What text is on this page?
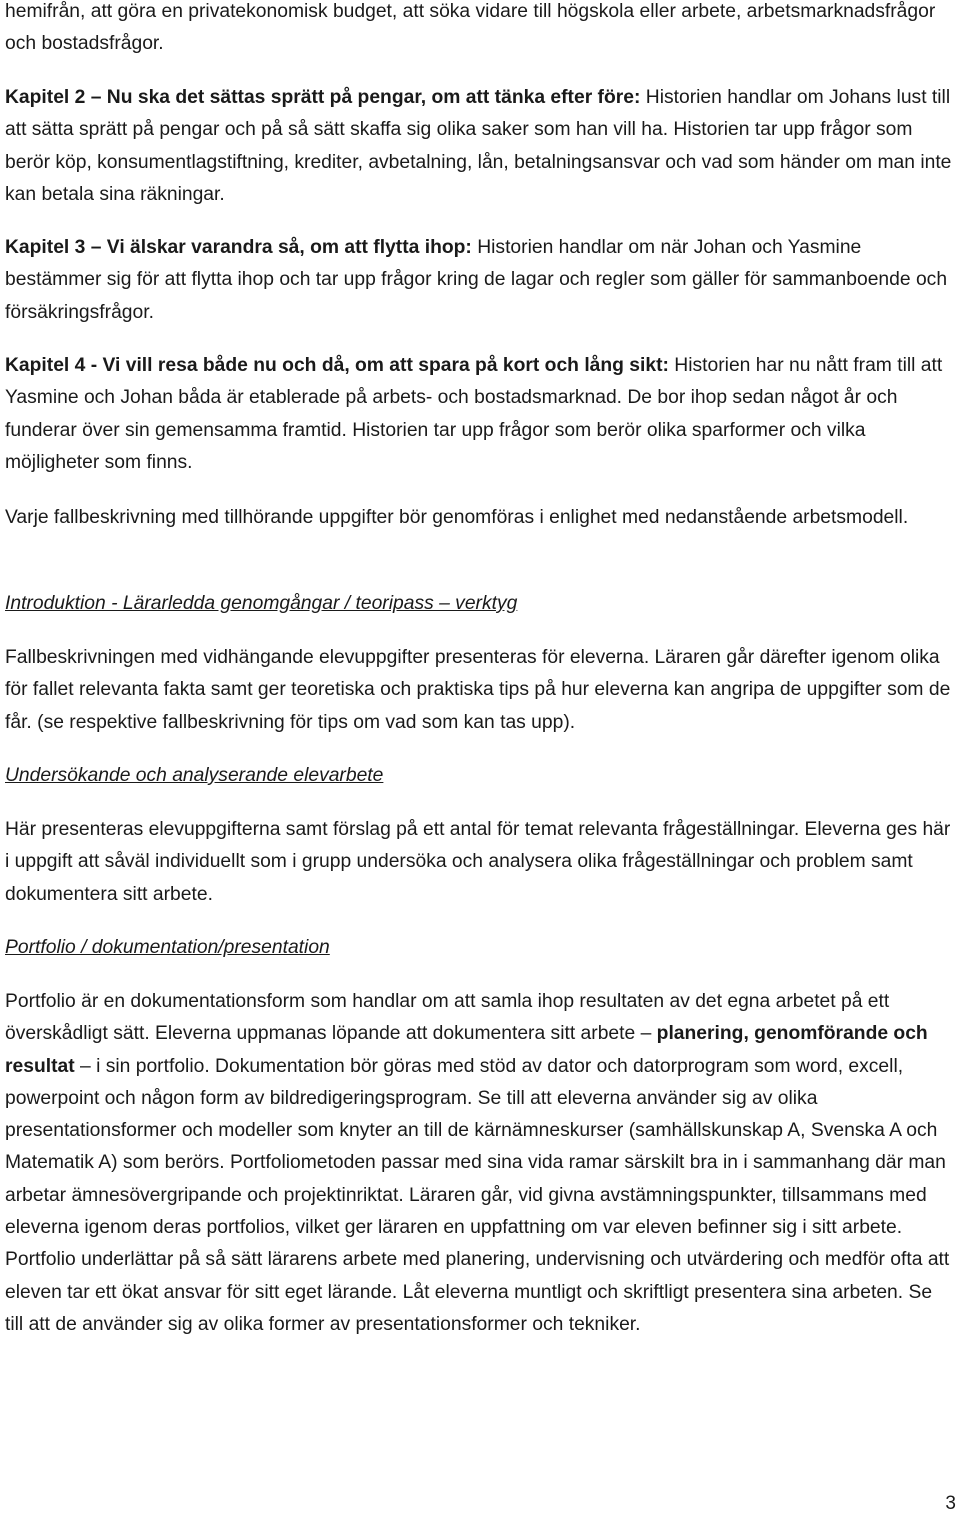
hemifrån, att göra en privatekonomisk budget, att söka vidare till högskola eller arbete, arbetsmarknadsfrågor och bostadsfrågor.

Kapitel 2 – Nu ska det sättas sprätt på pengar, om att tänka efter före: Historien handlar om Johans lust till att sätta sprätt på pengar och på så sätt skaffa sig olika saker som han vill ha. Historien tar upp frågor som berör köp, konsumentlagstiftning, krediter, avbetalning, lån, betalningsansvar och vad som händer om man inte kan betala sina räkningar.

Kapitel 3 – Vi älskar varandra så, om att flytta ihop: Historien handlar om när Johan och Yasmine bestämmer sig för att flytta ihop och tar upp frågor kring de lagar och regler som gäller för sammanboende och försäkringsfrågor.

Kapitel 4 - Vi vill resa både nu och då, om att spara på kort och lång sikt: Historien har nu nått fram till att Yasmine och Johan båda är etablerade på arbets- och bostadsmarknad. De bor ihop sedan något år och funderar över sin gemensamma framtid. Historien tar upp frågor som berör olika sparformer och vilka möjligheter som finns.

Varje fallbeskrivning med tillhörande uppgifter bör genomföras i enlighet med nedanstående arbetsmodell.

Introduktion - Lärarledda genomgångar / teoripass – verktyg

Fallbeskrivningen med vidhängande elevuppgifter presenteras för eleverna. Läraren går därefter igenom olika för fallet relevanta fakta samt ger teoretiska och praktiska tips på hur eleverna kan angripa de uppgifter som de får. (se respektive fallbeskrivning för tips om vad som kan tas upp).

Undersökande och analyserande elevarbete

Här presenteras elevuppgifterna samt förslag på ett antal för temat relevanta frågeställningar. Eleverna ges här i uppgift att såväl individuellt som i grupp undersöka och analysera olika frågeställningar och problem samt dokumentera sitt arbete.

Portfolio / dokumentation/presentation

Portfolio är en dokumentationsform som handlar om att samla ihop resultaten av det egna arbetet på ett överskådligt sätt. Eleverna uppmanas löpande att dokumentera sitt arbete – planering, genomförande och resultat – i sin portfolio. Dokumentation bör göras med stöd av dator och datorprogram som word, excell, powerpoint och någon form av bildredigeringsprogram. Se till att eleverna använder sig av olika presentationsformer och modeller som knyter an till de kärnämneskurser (samhällskunskap A, Svenska A och Matematik A) som berörs. Portfoliometoden passar med sina vida ramar särskilt bra in i sammanhang där man arbetar ämnesövergripande och projektinriktat. Läraren går, vid givna avstämningspunkter, tillsammans med eleverna igenom deras portfolios, vilket ger läraren en uppfattning om var eleven befinner sig i sitt arbete. Portfolio underlättar på så sätt lärarens arbete med planering, undervisning och utvärdering och medför ofta att eleven tar ett ökat ansvar för sitt eget lärande. Låt eleverna muntligt och skriftligt presentera sina arbeten. Se till att de använder sig av olika former av presentationsformer och tekniker.

3
